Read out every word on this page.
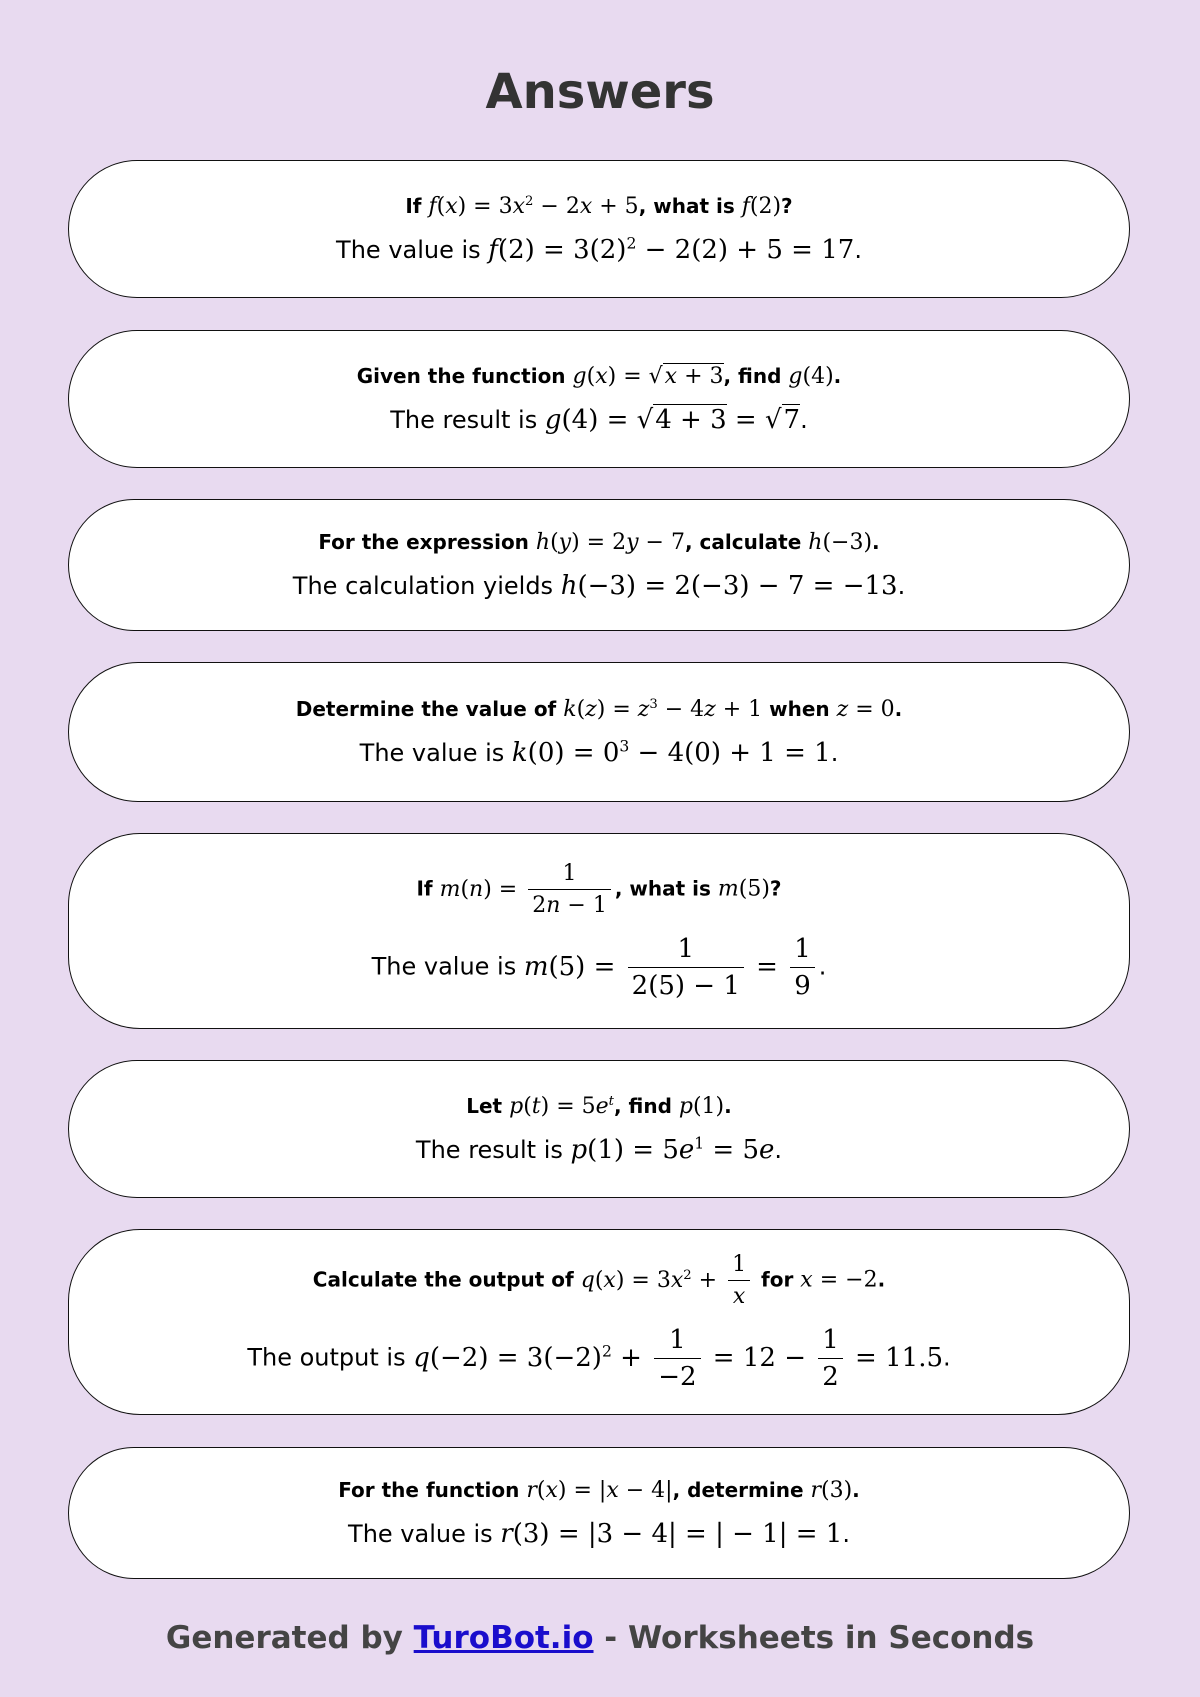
Answers
If $f(x) = 3x^2 - 2x + 5$, what is f(2)?
The value is $f(2) = 3(2)^2 - 2(2) + 5 = 17$.
Given the function g(x) = √x + 3, find g(4).
The result is g(4) = √4 + 3 = √7.
For the expression h(y) = 2y − 7, calculate h(−3).
The calculation yields h(−3) = 2(−3) − 7 = −13.
Determine the value of $k(z) = z^3 - 4z + 1$ when z = 0.
The value is $k(0) = 0^3 - 4(0) + 1 = 1$.
If $m(n) = \frac{1}{2n - 1}$ , what is m(5)?
The value is $m(5) = \frac{1}{2(5) - 1} = \frac{1}{9}$ .
Let $p(t) = 5e^t$, find p(1).
The result is $p(1) = 5e^1 = 5e$.
Calculate the output of $q(x) = 3x^2 + \frac{1}{x}$ for x = −2.
The output is $q(-2) = 3(-2)^2 + \frac{1}{-2} = 12 - \frac{1}{2} = 11.5$.
For the function r(x) = |x − 4|, determine r(3).
The value is r(3) = |3 − 4| = | − 1| = 1.
Generated by TuroBot.io - Worksheets in Seconds
